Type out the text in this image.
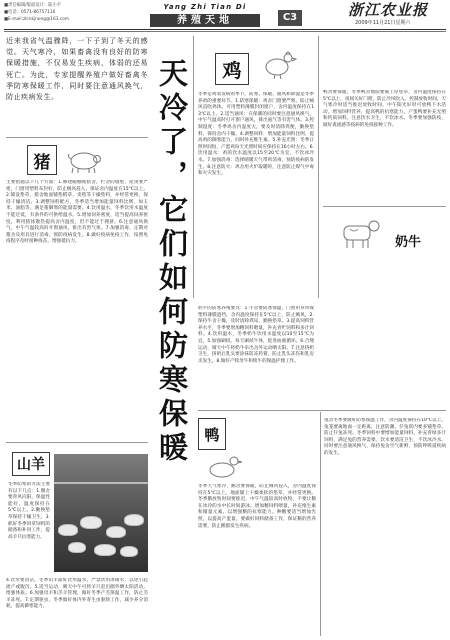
■责任编辑/版面设计：陆小平
■电话：0571-86757116
■E-mail:zlcnkjnong@163.com
Yang Zhi Tian Di
养殖天地	C3	浙江农业报
2009年11月21日星期六
近来我省气温骤降，一下子到了冬天的感觉。天气寒冷，如果畜禽没有良好的防寒保暖措施，不仅易发生疾病，体弱的还易死亡。为此，专家提醒养殖户做好畜禽冬季防寒保暖工作，同时要注意通风换气，防止疾病发生。	天冷了，它们如何防寒保暖
猪
主要措施以下几个方面：1.修建暖棚或猪舍，栏舍的墙壁、屋顶要严密，门窗用塑料布封好，防止贼风侵入，保证舍内温度在15℃以上。2.铺设垫草，猪舍地面铺垫稻草、麦秸等干燥垫料，并经常更换，保持干燥清洁。3.调整饲料配方，冬季适当增加能量饲料比例，如玉米、油脂等，满足猪御寒的能量需要。4.饮用温水，冬季饮用水温度不能过低，有条件的可供给温水。5.增加饲养密度，适当提高饲养密度，利用猪体散热提高舍内温度，但不能过于拥挤。6.注意通风换气，中午气温较高时开窗通风，排出有害气体。7.加强消毒，定期对猪舍及用具进行消毒，预防疫病发生。8.做好疫病免疫工作，按照免疫程序及时接种疫苗，增强抵抗力。
山羊
冬季防寒的方法主要有以下几点：1.圈舍要背风向阳，保温性能好，温度保持在5℃以上。2.勤换垫草保持干燥卫生，3.抓好冬季饲草饲料的储备和补饲工作，提高羊只抗寒能力。
4.饮水要清洁，冬季山羊最好饮用温水，严禁饮用冰碴水，以免引起流产或腹泻。5.适当运动，晴天中午可将羊只赶出圈外晒太阳活动，增强体质。6.加强母羊和羔羊管理，做好冬季产羔保温工作，防止羔羊冻死。7.定期驱虫，冬季做好体内外寄生虫驱除工作，减少养分消耗，提高御寒能力。
鸡
冬季是鸡易发病的季节，防寒、保暖、通风和除湿是冬季养鸡的重要环节。1.防寒保暖：鸡舍门窗要严密，防止贼风直吹鸡体。可用塑料薄膜封闭窗户，舍内温度保持在13℃以上。2.适当通风：在保暖的同时要注意通风换气，中午气温高时打开窗户通风，排出氨气等有害气体。3.控制湿度：冬季鸡舍内湿度大，要及时清除粪便，勤换垫料，保持舍内干燥。4.调整饲料：增加能量饲料比例，提高鸡的御寒能力，同时补充维生素。5.补充光照：冬季日照时间短，产蛋鸡每天光照时间应保持在16小时左右。6.饮用温水：鸡的饮水温度以15至20℃为宜，不饮冰冷水。7.加强消毒：选择晴暖天气带鸡消毒，预防疫病的发生。8.注意防火：鸡舍用火炉取暖时，注意防止煤气中毒和火灾发生。
鸭舍要保暖，冬季鸭舍地面要铺上厚垫草，舍内温度保持在5℃以上，夜间关好门窗，防止冷风吹入。控制放牧时间，天气寒冷时适当推迟放牧时间，中午阳光好时可放鸭下水活动。增加饲料营养，提高鸭的抗寒能力，产蛋鸭要补充光照和钙质饲料。注意饮水卫生，不饮冰水。冬季要加强防疫，做好禽流感等疫病的免疫接种工作。
奶牛
奶牛的防寒养殖要点：1.牛舍要防寒保温，门窗用草帘或塑料薄膜遮挡，舍内温度保持在5℃以上，防止贼风。2.保持牛舍干燥，及时清除粪尿，勤换垫草。3.提高饲料营养水平，冬季要增加精饲料喂量，补充青贮饲料和多汁饲料。4.饮用温水，冬季奶牛饮用水温度以10至15℃为宜。5.加强刷拭，每天刷拭牛体，促进血液循环。6.合理运动，晴天中午将奶牛牵出舍外运动晒太阳。7.注意挤奶卫生，挤奶后乳头要涂抹防冻药膏，防止乳头冻伤和乳房炎发生。8.做好产犊母牛和犊牛的保温护理工作。
鸭
冬季天气寒冷，鹅舍要保暖，防止贼风侵入，舍内温度保持在5℃以上。地面铺上干燥柔软的垫草，并经常更换。冬季鹅放牧时间要推迟，中午气温较高时放牧，不要让鹅在冰冷的水中长时间游泳。增加精饲料喂量，补充维生素和微量元素，以增强鹅的抗寒能力。种鹅要适当增加光照，以提高产蛋量。要做好饲料储备工作，保证鹅的营养需要，防止鹅群发生疾病。
兔舍冬季要做好防寒保温工作，舍内温度保持在10℃以上。兔笼要离地面一定距离，注意防潮。仔兔窝内要多铺垫草，防止仔兔冻死。冬季饲料中要增加能量饲料，补充青绿多汁饲料，满足兔的营养需要。饮水要清洁卫生，不饮冰冷水。同时要注意通风换气，保持兔舍空气新鲜，预防呼吸道疾病的发生。
